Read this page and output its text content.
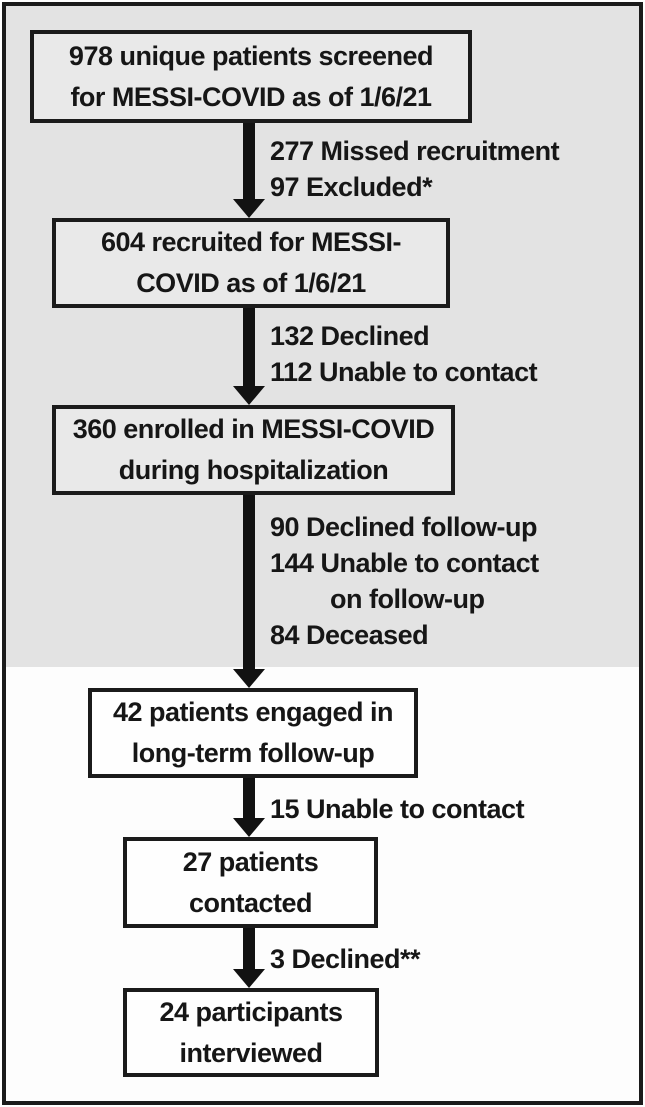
978 unique patients screened
for MESSI-COVID as of 1/6/21
277 Missed recruitment
97 Excluded*
604 recruited for MESSI-
COVID as of 1/6/21
132 Declined
112 Unable to contact
360 enrolled in MESSI-COVID
during hospitalization
90 Declined follow-up
144 Unable to contact
on follow-up
84 Deceased
42 patients engaged in
long-term follow-up
15 Unable to contact
27 patients
contacted
3 Declined**
24 participants
interviewed
